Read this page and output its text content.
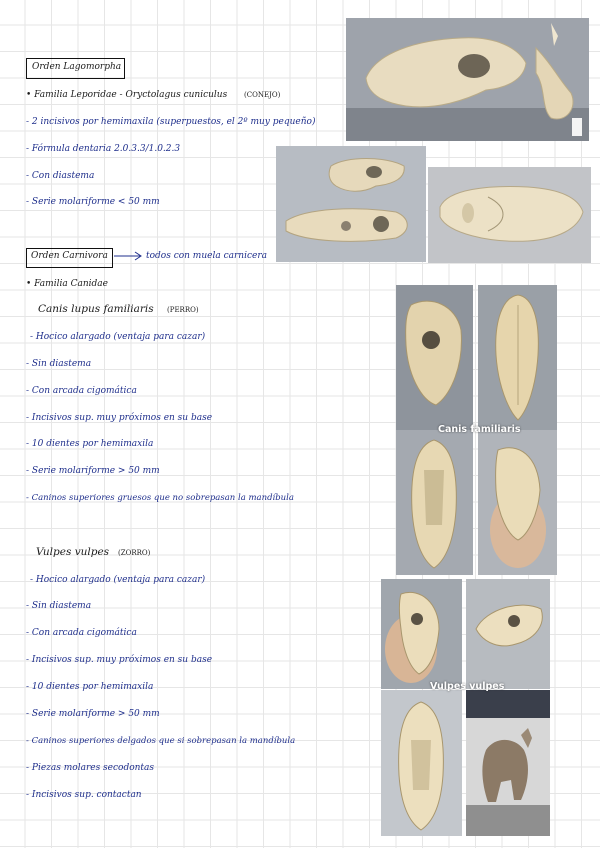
Orden Lagomorpha
• Familia Leporidae - Oryctolagus cuniculus (CONEJO)
- 2 incisivos por hemimaxila (superpuestos, el 2º muy pequeño)
- Fórmula dentaria 2.0.3.3/1.0.2.3
- Con diastema
- Serie molariforme < 50 mm
Orden Carnivora	todos con muela carnicera
• Familia Canidae
Canis lupus familiaris (PERRO)
- Hocico alargado (ventaja para cazar)
- Sin diastema
- Con arcada cigomática
- Incisivos sup. muy próximos en su base
- 10 dientes por hemimaxila
- Serie molariforme > 50 mm
- Caninos superiores gruesos que no sobrepasan la mandíbula
Vulpes vulpes (ZORRO)
- Hocico alargado (ventaja para cazar)
- Sin diastema
- Con arcada cigomática
- Incisivos sup. muy próximos en su base
- 10 dientes por hemimaxila
- Serie molariforme > 50 mm
- Caninos superiores delgados que si sobrepasan la mandíbula
- Piezas molares secodontas
- Incisivos sup. contactan
Canis familiaris
Vulpes vulpes
